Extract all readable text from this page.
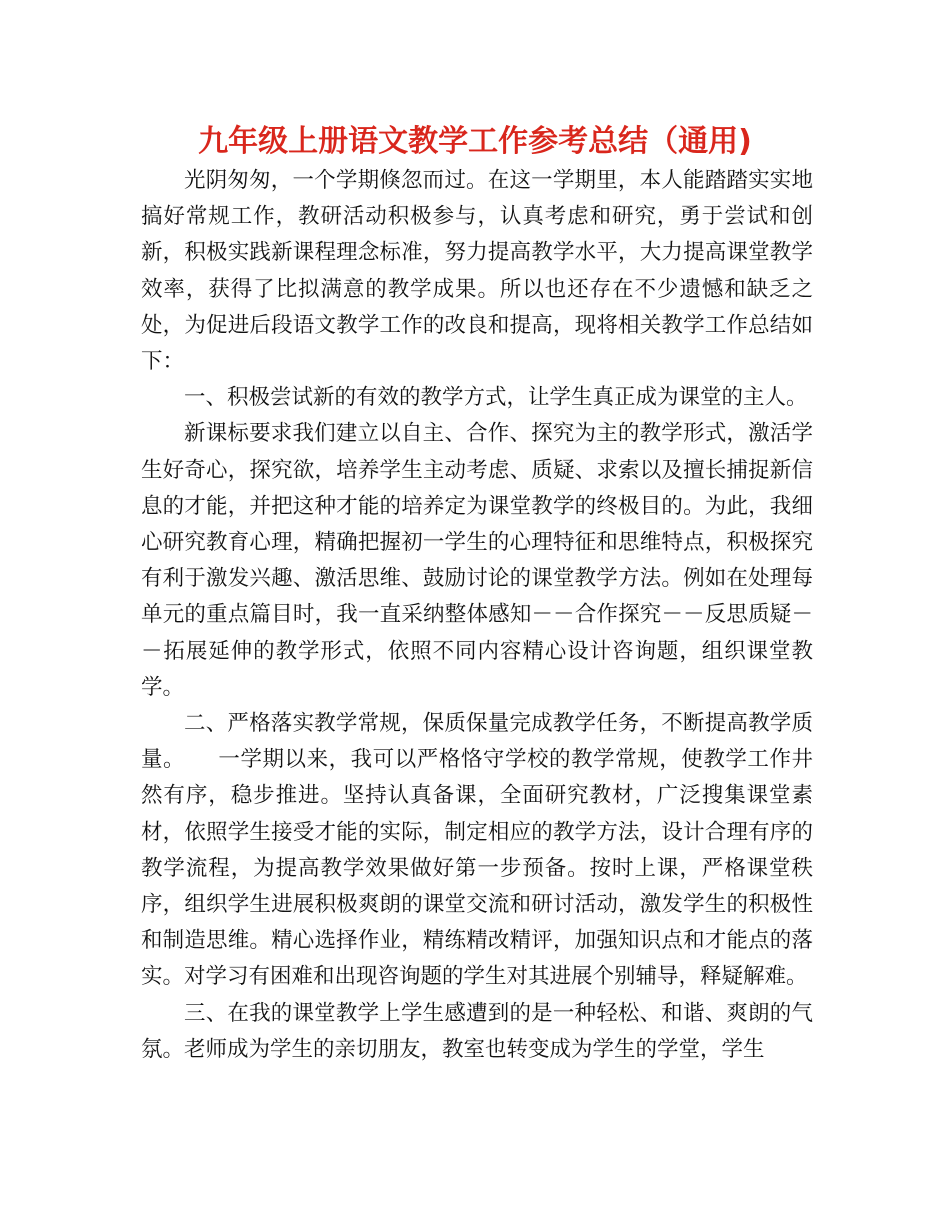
九年级上册语文教学工作参考总结（通用)

光阴匆匆，一个学期倏忽而过。在这一学期里，本人能踏踏实实地搞好常规工作，教研活动积极参与，认真考虑和研究，勇于尝试和创新，积极实践新课程理念标准，努力提高教学水平，大力提高课堂教学效率，获得了比拟满意的教学成果。所以也还存在不少遗憾和缺乏之处，为促进后段语文教学工作的改良和提高，现将相关教学工作总结如下：

一、积极尝试新的有效的教学方式，让学生真正成为课堂的主人。

新课标要求我们建立以自主、合作、探究为主的教学形式，激活学生好奇心，探究欲，培养学生主动考虑、质疑、求索以及擅长捕捉新信息的才能，并把这种才能的培养定为课堂教学的终极目的。为此，我细心研究教育心理，精确把握初一学生的心理特征和思维特点，积极探究有利于激发兴趣、激活思维、鼓励讨论的课堂教学方法。例如在处理每单元的重点篇目时，我一直采纳整体感知－－合作探究－－反思质疑－－拓展延伸的教学形式，依照不同内容精心设计咨询题，组织课堂教学。

二、严格落实教学常规，保质保量完成教学任务，不断提高教学质量。　　一学期以来，我可以严格恪守学校的教学常规，使教学工作井然有序，稳步推进。坚持认真备课，全面研究教材，广泛搜集课堂素材，依照学生接受才能的实际，制定相应的教学方法，设计合理有序的教学流程，为提高教学效果做好第一步预备。按时上课，严格课堂秩序，组织学生进展积极爽朗的课堂交流和研讨活动，激发学生的积极性和制造思维。精心选择作业，精练精改精评，加强知识点和才能点的落实。对学习有困难和出现咨询题的学生对其进展个别辅导，释疑解难。

三、在我的课堂教学上学生感遭到的是一种轻松、和谐、爽朗的气氛。老师成为学生的亲切朋友，教室也转变成为学生的学堂，学生
